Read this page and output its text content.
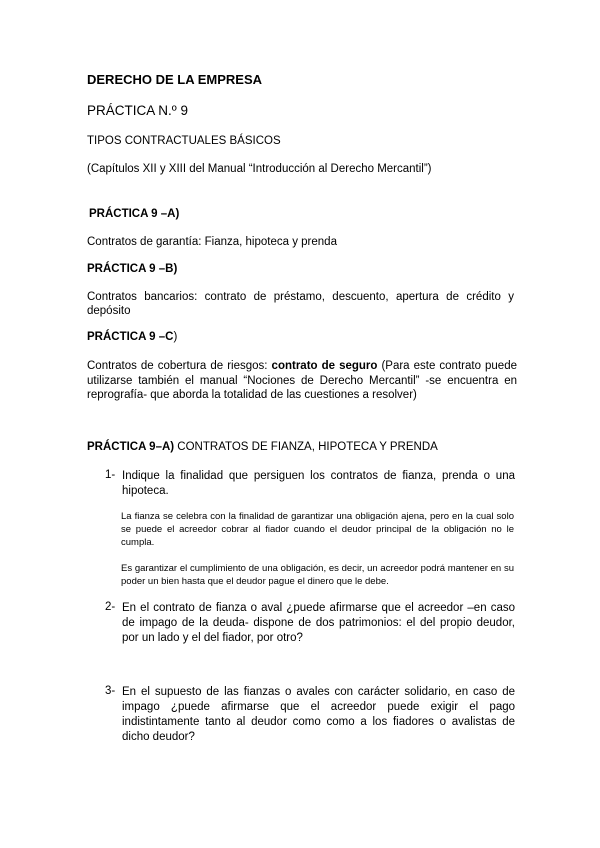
DERECHO DE LA EMPRESA
PRÁCTICA N.º 9
TIPOS CONTRACTUALES BÁSICOS
(Capítulos XII y XIII del Manual “Introducción al Derecho Mercantil”)
PRÁCTICA 9 –A)
Contratos de garantía: Fianza, hipoteca y prenda
PRÁCTICA 9 –B)
Contratos bancarios: contrato de préstamo, descuento, apertura de crédito y depósito
PRÁCTICA 9 –C)
Contratos de cobertura de riesgos: contrato de seguro (Para este contrato puede utilizarse también el manual “Nociones de Derecho Mercantil” -se encuentra en reprografía- que aborda la totalidad de las cuestiones a resolver)
PRÁCTICA 9–A) CONTRATOS DE FIANZA, HIPOTECA Y PRENDA
1- Indique la finalidad que persiguen los contratos de fianza, prenda o una hipoteca.
La fianza se celebra con la finalidad de garantizar una obligación ajena, pero en la cual solo se puede el acreedor cobrar al fiador cuando el deudor principal de la obligación no le cumpla.
Es garantizar el cumplimiento de una obligación, es decir, un acreedor podrá mantener en su poder un bien hasta que el deudor pague el dinero que le debe.
2- En el contrato de fianza o aval ¿puede afirmarse que el acreedor –en caso de impago de la deuda- dispone de dos patrimonios: el del propio deudor, por un lado y el del fiador, por otro?
3- En el supuesto de las fianzas o avales con carácter solidario, en caso de impago ¿puede afirmarse que el acreedor puede exigir el pago indistintamente tanto al deudor como como a los fiadores o avalistas de dicho deudor?
